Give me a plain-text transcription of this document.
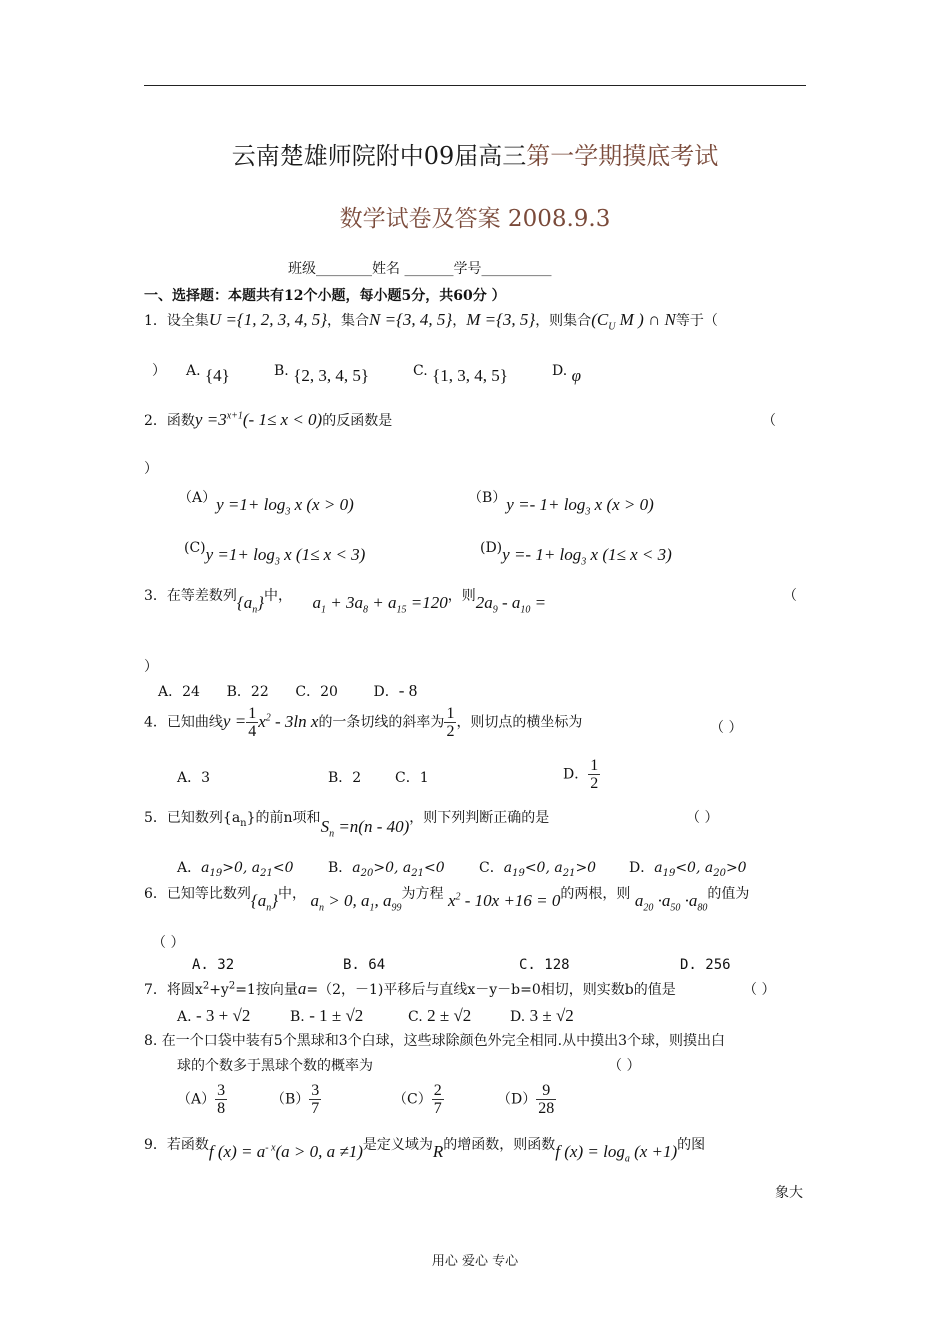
云南楚雄师院附中09届高三第一学期摸底考试
数学试卷及答案 2008.9.3
班级________姓名 _______学号__________
一、选择题：本题共有12个小题，每小题5分，共60分 ）
1．设全集U ={1, 2, 3, 4, 5}，集合N ={3, 4, 5}，M ={3, 5}，则集合($C_U$ M ) ∩ N等于（
） A. {4}	B. {2, 3, 4, 5}	C. {1, 3, 4, 5}	D. φ
2．函数$y =3^{x+1}(-$ 1≤ x < 0)的反函数是	（
）
$(A)y =1+ \log_3 x$ (x > 0)	$(B)y =- 1+ \log_3 x$ (x > 0)
$(C)y =1+ \log_3 x$ (1≤ x < 3)	$(D)y =- 1+ \log_3 x$ (1≤ x < 3)
3．在等差数列$\{a_n\}$中， $a_1 + 3a_8 + a_{15} =120$，则$2a_9 - a_{10}$ =	（
）
A．24      B．22      C．20        D．- 8
4．已知曲线$y = \frac{1}{4} x^2 - 3\ln$ x的一条切线的斜率为 $\frac{1}{2}$ ，则切点的横坐标为	（ ）
A．3	B．2 C．1	D． $\frac{1}{2}$
5．已知数列$\{a_n\}$的前n项和$S_n =n(n - 40)$，则下列判断正确的是	（ ）
A．$a_{19}>0$, $a_{21}<0$ B．$a_{20}>0$, $a_{21}<0$ C．$a_{19}<0$, $a_{21}>0$ D．$a_{19}<0$, $a_{20}>0$
6．已知等比数列$\{a_n\}$中， $a_n > 0$, $a_1$, $a_{99}$为方程 $x^2 - 10x +16 = 0$的两根，则 $a_{20} \cdot a_{50} \cdot a_{80}$的值为
（ ）
A. 32	B. 64	C. 128	D. 256
7．将圆$x^2+y^2=1$按向量a=（2，－1)平移后与直线x－y－b=0相切，则实数b的值是	（ ）
A. - 3 + √2	B. - 1 ± √2	C. 2 ± √2	D. 3 ± √2
8. 在一个口袋中装有5个黑球和3个白球，这些球除颜色外完全相同.从中摸出3个球，则摸出白
球的个数多于黑球个数的概率为	（ ）
$(A) \frac{3}{8}$	$(B) \frac{3}{7}$	$(C) \frac{2}{7}$	$(D) \frac{9}{28}$
9．若函数f $(x) = a^{- x}(a > 0$, a ≠1)是定义域为R的增函数，则函数f $(x) = \log_a (x +1)$的图
象大
用心 爱心 专心
